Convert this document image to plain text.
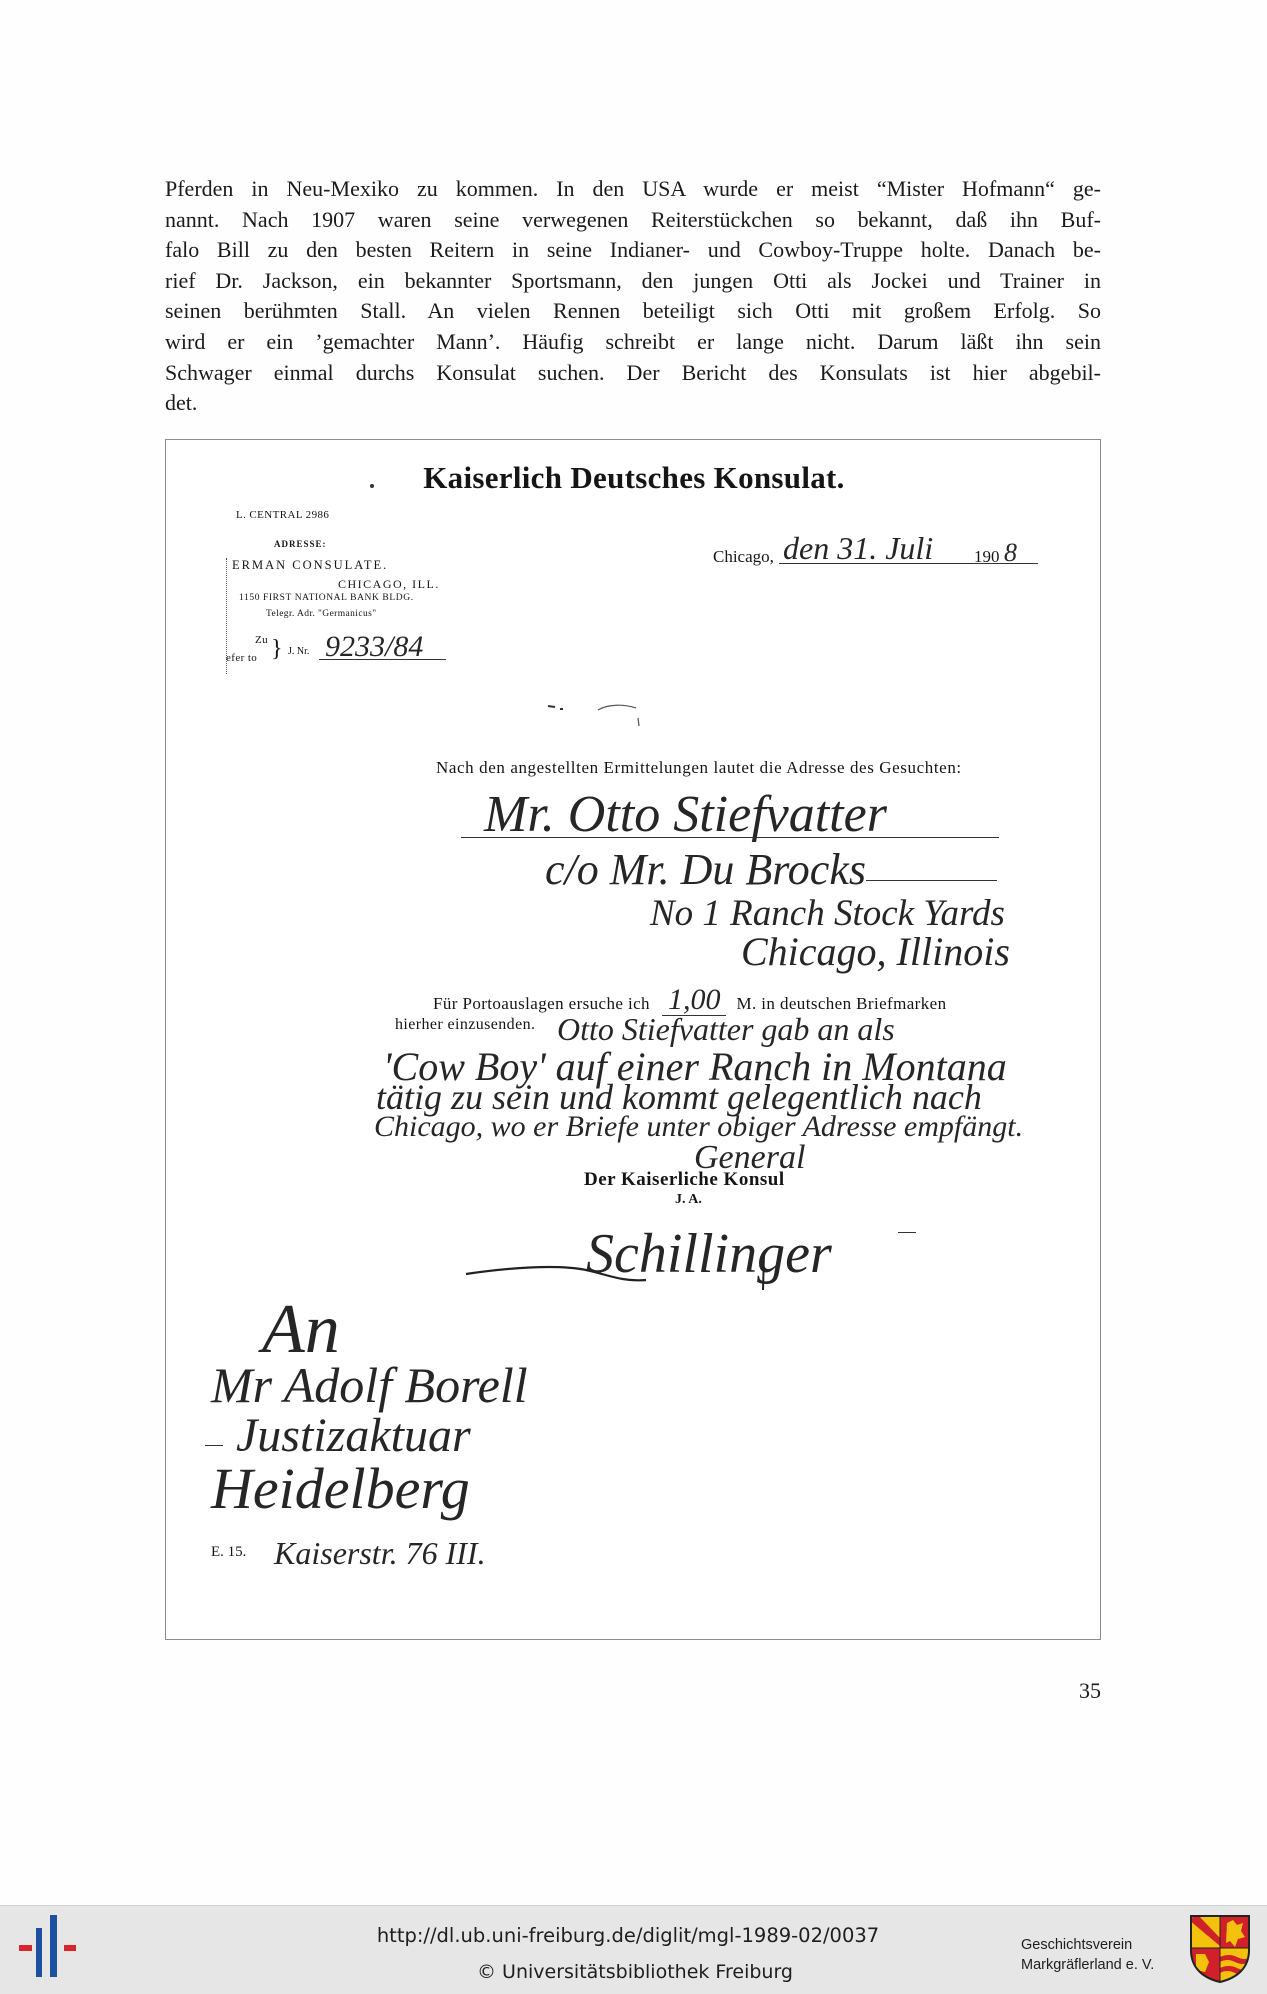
Pferden in Neu-Mexiko zu kommen. In den USA wurde er meist “Mister Hofmann“ ge-
nannt. Nach 1907 waren seine verwegenen Reiterstückchen so bekannt, daß ihn Buf-
falo Bill zu den besten Reitern in seine Indianer- und Cowboy-Truppe holte. Danach be-
rief Dr. Jackson, ein bekannter Sportsmann, den jungen Otti als Jockei und Trainer in
seinen berühmten Stall. An vielen Rennen beteiligt sich Otti mit großem Erfolg. So
wird er ein ’gemachter Mann’. Häufig schreibt er lange nicht. Darum läßt ihn sein
Schwager einmal durchs Konsulat suchen. Der Bericht des Konsulats ist hier abgebil-
det.
Kaiserlich Deutsches Konsulat.
L. CENTRAL 2986
ADRESSE:
ERMAN CONSULATE.
CHICAGO, ILL.
1150 FIRST NATIONAL BANK BLDG.
Telegr. Adr. "Germanicus"
Zu
efer to } J. Nr. 9233/84
Chicago, den 31. Juli 190 8
Nach den angestellten Ermittelungen lautet die Adresse des Gesuchten:
Mr. Otto Stiefvatter
c/o Mr. Du Brocks
No 1 Ranch Stock Yards
Chicago, Illinois
Für Portoauslagen ersuche ich 1,00 M. in deutschen Briefmarken
hierher einzusenden. Otto Stiefvatter gab an als
'Cow Boy' auf einer Ranch in Montana
tätig zu sein und kommt gelegentlich nach
Chicago, wo er Briefe unter obiger Adresse empfängt.
General
Der Kaiserliche Konsul
J. A.
Schillinger
An
Mr Adolf Borell
Justizaktuar
Heidelberg
E. 15. Kaiserstr. 76 III.
35
http://dl.ub.uni-freiburg.de/diglit/mgl-1989-02/0037
© Universitätsbibliothek Freiburg
Geschichtsverein
Markgräflerland e. V.
